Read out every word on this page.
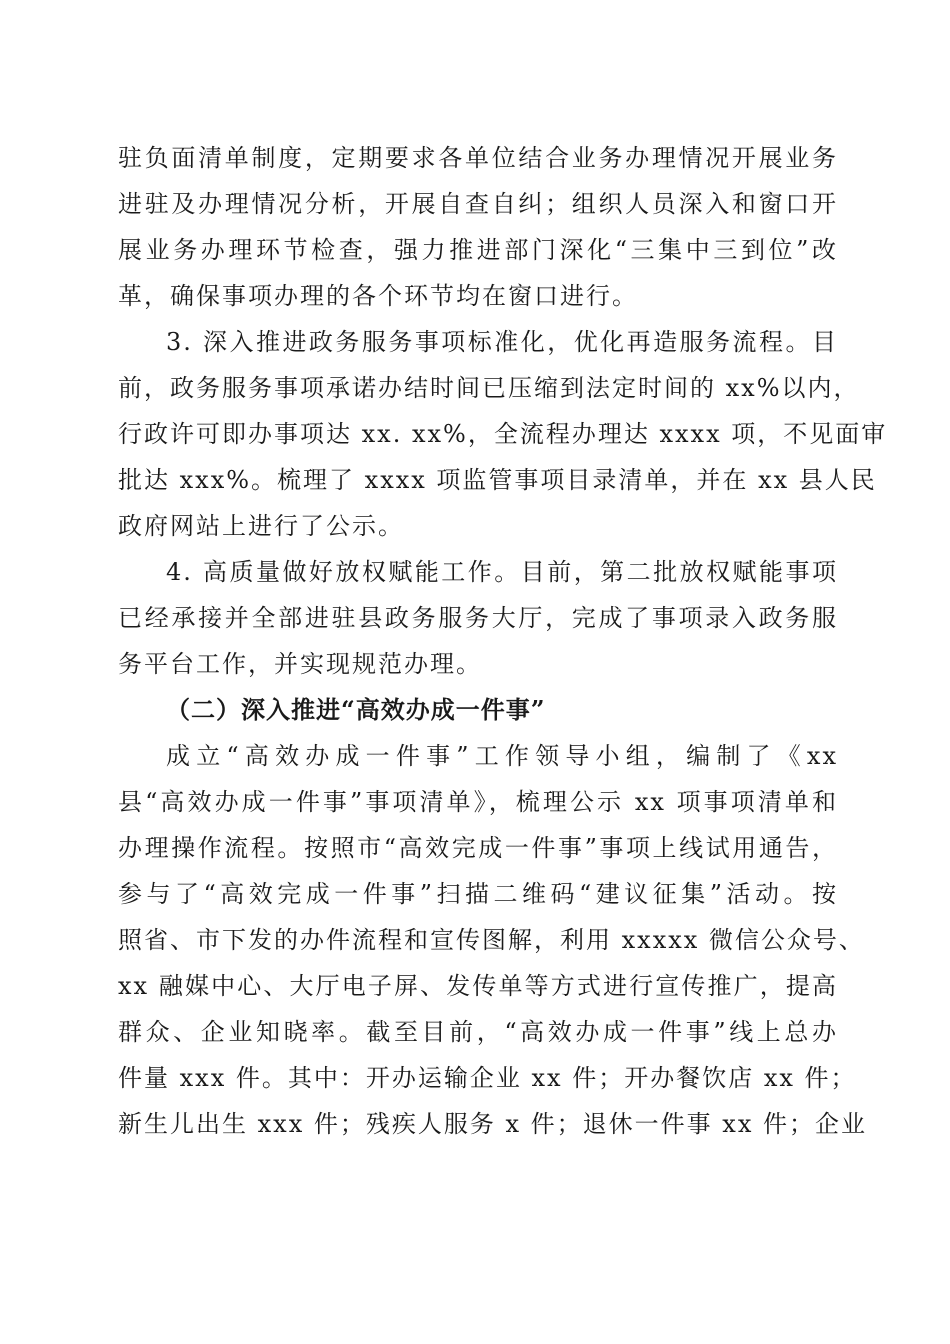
驻负面清单制度，定期要求各单位结合业务办理情况开展业务
进驻及办理情况分析，开展自查自纠；组织人员深入和窗口开
展业务办理环节检查，强力推进部门深化“三集中三到位”改
革，确保事项办理的各个环节均在窗口进行。
3. 深入推进政务服务事项标准化，优化再造服务流程。目
前，政务服务事项承诺办结时间已压缩到法定时间的 xx%以内，
行政许可即办事项达 xx. xx%，全流程办理达 xxxx 项，不见面审
批达 xxx%。梳理了 xxxx 项监管事项目录清单，并在 xx 县人民
政府网站上进行了公示。
4. 高质量做好放权赋能工作。目前，第二批放权赋能事项
已经承接并全部进驻县政务服务大厅，完成了事项录入政务服
务平台工作，并实现规范办理。
（二）深入推进“高效办成一件事”
成立“高效办成一件事”工作领导小组，编制了《xx
县“高效办成一件事”事项清单》，梳理公示 xx 项事项清单和
办理操作流程。按照市“高效完成一件事”事项上线试用通告，
参与了“高效完成一件事”扫描二维码“建议征集”活动。按
照省、市下发的办件流程和宣传图解，利用 xxxxx 微信公众号、
xx 融媒中心、大厅电子屏、发传单等方式进行宣传推广，提高
群众、企业知晓率。截至目前，“高效办成一件事”线上总办
件量 xxx 件。其中：开办运输企业 xx 件；开办餐饮店 xx 件；
新生儿出生 xxx 件；残疾人服务 x 件；退休一件事 xx 件；企业
